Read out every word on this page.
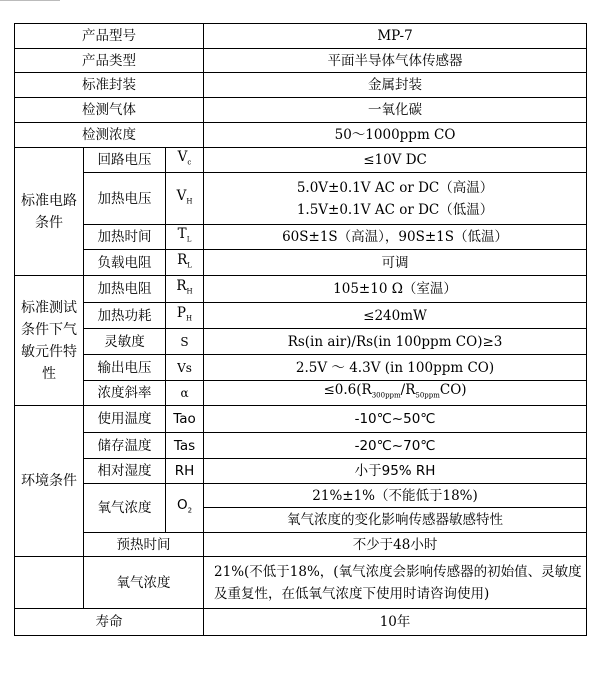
产品型号			MP-7
产品类型			平面半导体气体传感器
标准封装			金属封装
检测气体			一氧化碳
检测浓度			50～1000ppm CO
标准电路条件	回路电压	$V_c$	≤10V DC
	加热电压	$V_H$	5.0V±0.1V AC or DC（高温）
1.5V±0.1V AC or DC（低温）

	加热时间	$T_L$	60S±1S（高温），90S±1S（低温）
	负载电阻	$R_L$	可调
标准测试条件下气敏元件特性	加热电阻	$R_H$	105±10 Ω（室温）
	加热功耗	$P_H$	≤240mW
	灵敏度	S	Rs(in air)/Rs(in 100ppm CO)≥3
	输出电压	Vs	2.5V ～ 4.3V (in 100ppm CO)
	浓度斜率	α	$\le 0.6(R_{300ppm}/R_{50ppm}CO)$
环境条件	使用温度	Tao	-10℃~50℃
	储存温度	Tas	-20℃~70℃
	相对湿度	RH	小于95% RH
	氧气浓度	$O_2$	21%±1%（不能低于18%)
			氧气浓度的变化影响传感器敏感特性
	预热时间		不少于48小时
	氧气浓度		21%(不低于18%，(氧气浓度会影响传感器的初始值、灵敏度及重复性，在低氧气浓度下使用时请咨询使用)
寿命			10年
